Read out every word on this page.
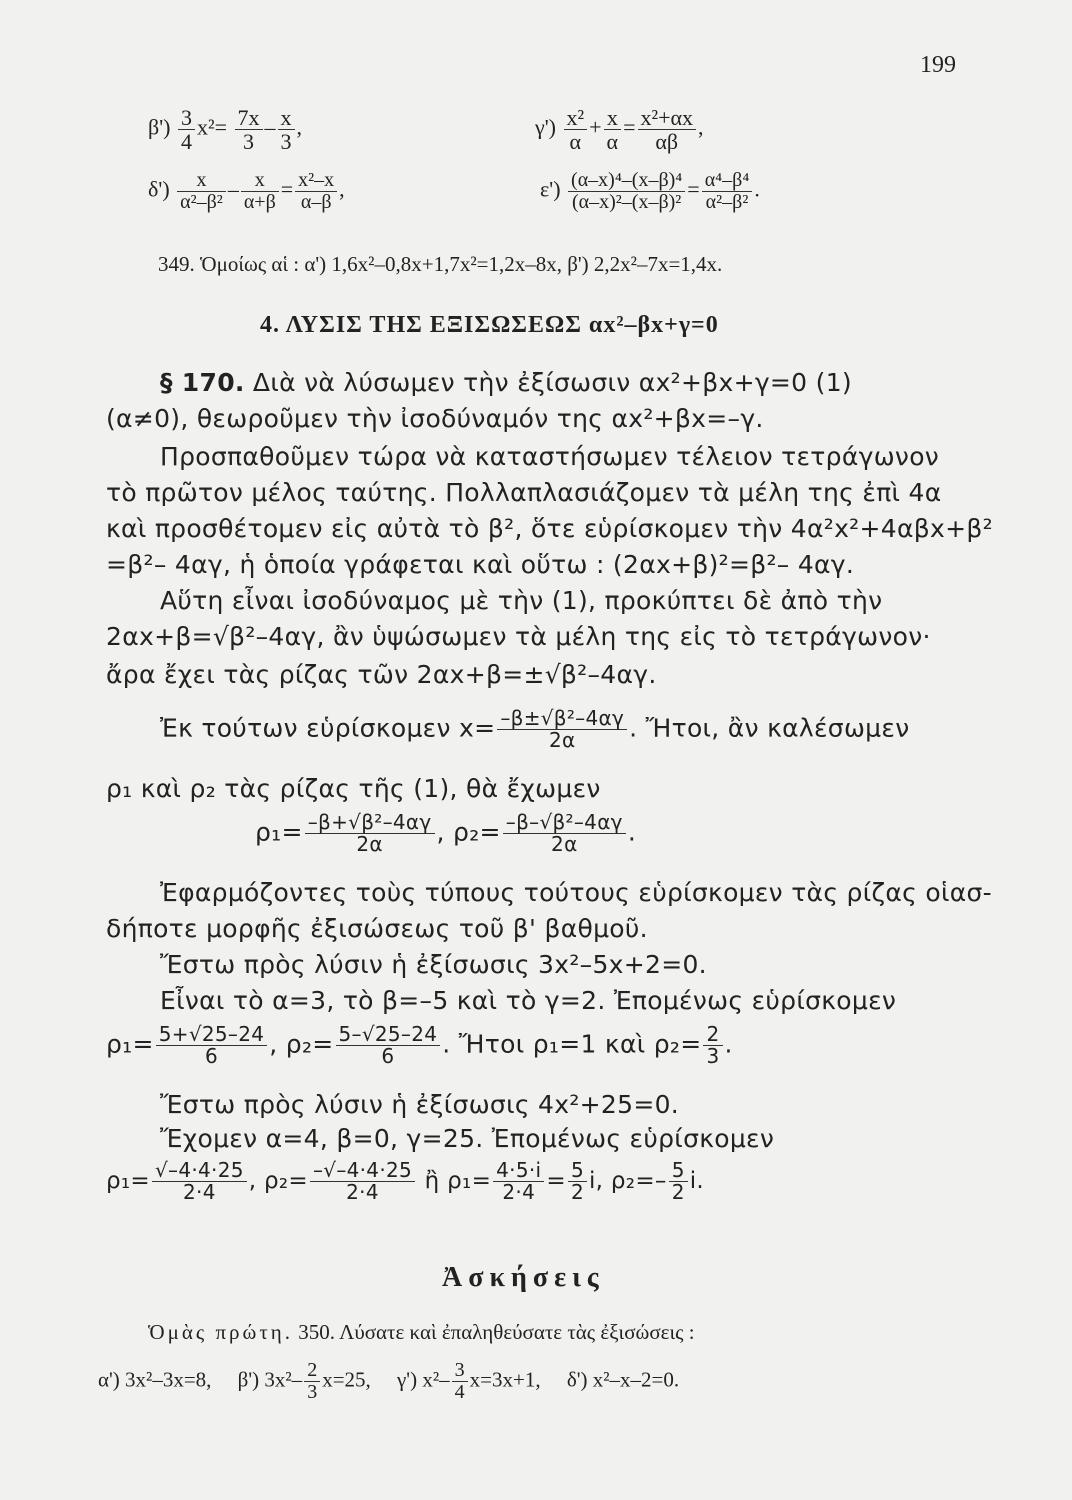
199
$\beta') \frac{3}{4} x^2= \frac{7x}{3} - \frac{x}{3}$ ,	$\gamma') \frac{\text{x²}}{\alpha} + \frac{x}{\alpha} = \frac{\text{x²+αx}}{\alpha\beta}$ ,
$\delta') \frac{x}{\text{α²–β²}} - \frac{x}{\alpha+\beta} = \frac{\text{x²–x}}{\alpha-\beta}$ ,	$\varepsilon') \frac{\text{(α–x)⁴–(x–β)⁴}}{\text{(α–x)²–(x–β)²}} = \frac{\text{α⁴–β⁴}}{\text{α²–β²}}$ .
349. Ὁμοίως αἱ : α') 1,6x²–0,8x+1,7x²=1,2x–8x, β') 2,2x²–7x=1,4x.
4. ΛΥΣΙΣ ΤΗΣ ΕΞΙΣΩΣΕΩΣ αx²–βx+γ=0
§ 170. Διὰ νὰ λύσωμεν τὴν ἐξίσωσιν αx²+βx+γ=0 (1)
(α≠0), θεωροῦμεν τὴν ἰσοδύναμόν της αx²+βx=–γ.
Προσπαθοῦμεν τώρα νὰ καταστήσωμεν τέλειον τετράγωνον
τὸ πρῶτον μέλος ταύτης. Πολλαπλασιάζομεν τὰ μέλη της ἐπὶ 4α
καὶ προσθέτομεν εἰς αὐτὰ τὸ β², ὅτε εὑρίσκομεν τὴν 4α²x²+4αβx+β²
=β²– 4αγ, ἡ ὁποία γράφεται καὶ οὕτω : (2αx+β)²=β²– 4αγ.
Αὕτη εἶναι ἰσοδύναμος μὲ τὴν (1), προκύπτει δὲ ἀπὸ τὴν
2αx+β=√β²–4αγ, ἂν ὑψώσωμεν τὰ μέλη της εἰς τὸ τετράγωνον·
ἄρα ἔχει τὰς ρίζας τῶν 2αx+β=±√β²–4αγ.
Ἐκ τούτων εὑρίσκομεν $x= \frac{\text{–β±√β²–4αγ}}{2\alpha}$ . Ἤτοι, ἂν καλέσωμεν
ρ₁ καὶ ρ₂ τὰς ρίζας τῆς (1), θὰ ἔχωμεν
$\rho_1= \frac{\text{–β+√β²–4αγ}}{2\alpha}$ , $\rho_2= \frac{\text{–β–√β²–4αγ}}{2\alpha}$ .
Ἐφαρμόζοντες τοὺς τύπους τούτους εὑρίσκομεν τὰς ρίζας οἱασ-
δήποτε μορφῆς ἐξισώσεως τοῦ β' βαθμοῦ.
Ἔστω πρὸς λύσιν ἡ ἐξίσωσις 3x²–5x+2=0.
Εἶναι τὸ α=3, τὸ β=–5 καὶ τὸ γ=2. Ἐπομένως εὑρίσκομεν
$\rho_1= \frac{5+√25-24}{6}$ , $\rho_2= \frac{5-√25-24}{6}$ . Ἤτοι ρ₁=1 καὶ $\rho_2= \frac{2}{3}$ .
Ἔστω πρὸς λύσιν ἡ ἐξίσωσις 4x²+25=0.
Ἔχομεν α=4, β=0, γ=25. Ἐπομένως εὑρίσκομεν
$\rho_1= \frac{√-4\cdot 4\cdot 25}{2\cdot 4}$ , $\rho_2= \frac{-√-4\cdot 4\cdot 25}{2\cdot 4}$ ἢ $\rho_1= \frac{4\cdot 5\cdot i}{2\cdot 4} = \frac{5}{2} i$, $\rho_2=- \frac{5}{2} i$.
Ἀσκήσεις
Ὁμὰς πρώτη. 350. Λύσατε καὶ ἐπαληθεύσατε τὰς ἐξισώσεις :
α') 3x²–3x=8, β') $3x^2- \frac{2}{3} x=25$, γ') $x^2- \frac{3}{4} x=3x+1$, δ') x²–x–2=0.
